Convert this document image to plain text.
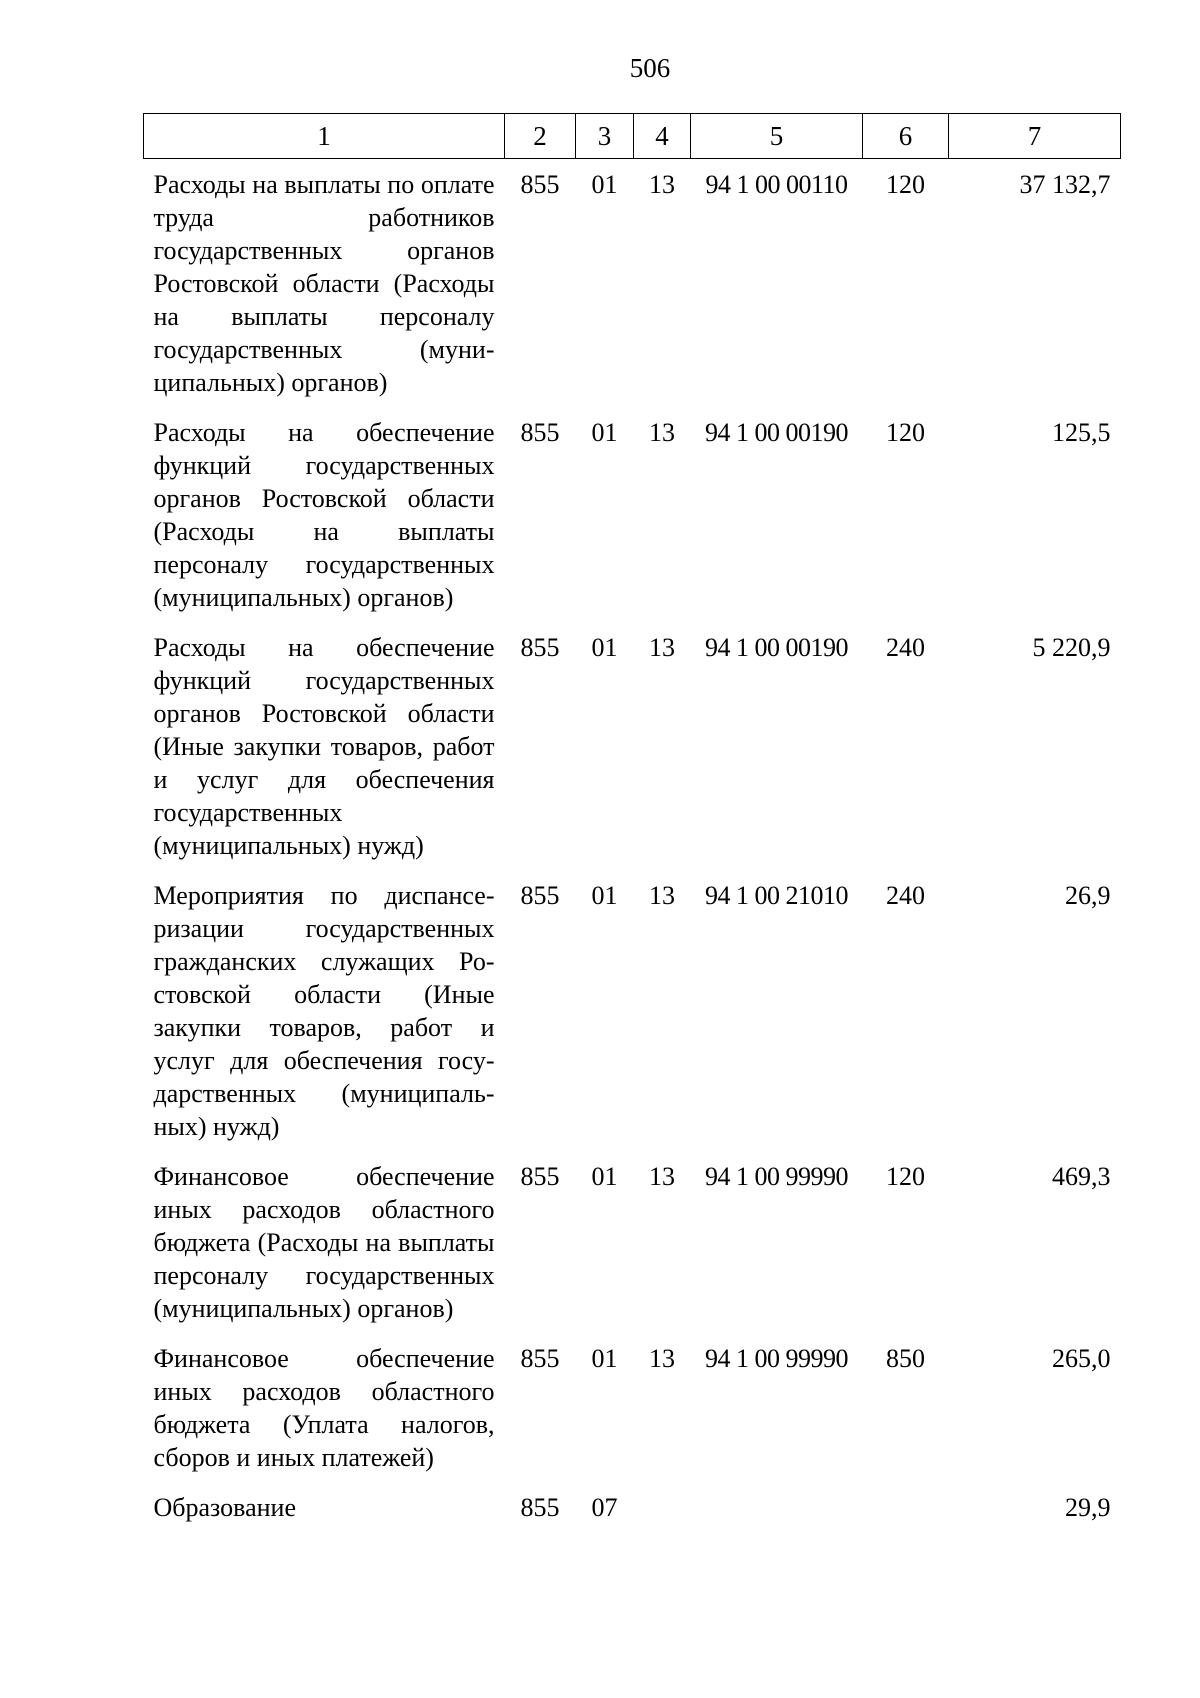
506
1	2	3	4	5	6	7
Расходы на выплаты по оплате труда работников государственных органов Ростовской области (Расходы на выплаты персоналу государственных (муниципальных) органов)	855	01	13	94 1 00 00110	120	37 132,7
Расходы на обеспечение функций государственных органов Ростовской области (Расходы на выплаты персоналу государственных (муниципальных) органов)	855	01	13	94 1 00 00190	120	125,5
Расходы на обеспечение функций государственных органов Ростовской области (Иные закупки товаров, работ и услуг для обеспечения государственных (муниципальных) нужд)	855	01	13	94 1 00 00190	240	5 220,9
Мероприятия по диспансеризации государственных гражданских служащих Ростовской области (Иные закупки товаров, работ и услуг для обеспечения государственных (муниципальных) нужд)	855	01	13	94 1 00 21010	240	26,9
Финансовое обеспечение иных расходов областного бюджета (Расходы на выплаты персоналу государственных (муниципальных) органов)	855	01	13	94 1 00 99990	120	469,3
Финансовое обеспечение иных расходов областного бюджета (Уплата налогов, сборов и иных платежей)	855	01	13	94 1 00 99990	850	265,0
Образование	855	07				29,9
